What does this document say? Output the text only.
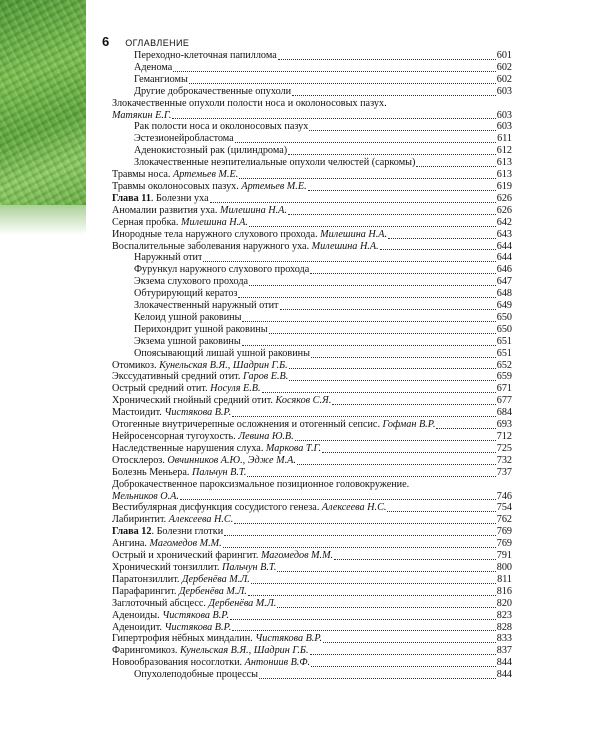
6 ОГЛАВЛЕНИЕ
Переходно-клеточная папиллома	601
Аденома	602
Гемангиомы	602
Другие доброкачественные опухоли	603
Злокачественные опухоли полости носа и околоносовых пазух.
Матякин Е.Г.	603
Рак полости носа и околоносовых пазух	603
Эстезионейробластома	611
Аденокистозный рак (цилиндрома)	612
Злокачественные неэпителиальные опухоли челюстей (саркомы)	613
Травмы носа. Артемьев М.Е.	613
Травмы околоносовых пазух. Артемьев М.Е.	619
Глава 11. Болезни уха	626
Аномалии развития уха. Милешина Н.А.	626
Серная пробка. Милешина Н.А.	642
Инородные тела наружного слухового прохода. Милешина Н.А.	643
Воспалительные заболевания наружного уха. Милешина Н.А.	644
Наружный отит	644
Фурункул наружного слухового прохода	646
Экзема слухового прохода	647
Обтурирующий кератоз	648
Злокачественный наружный отит	649
Келоид ушной раковины	650
Перихондрит ушной раковины	650
Экзема ушной раковины	651
Опоясывающий лишай ушной раковины	651
Отомикоз. Кунельская В.Я., Шадрин Г.Б.	652
Экссудативный средний отит. Гаров Е.В.	659
Острый средний отит. Носуля Е.В.	671
Хронический гнойный средний отит. Косяков С.Я.	677
Мастоидит. Чистякова В.Р.	684
Отогенные внутричерепные осложнения и отогенный сепсис. Гофман В.Р.	693
Нейросенсорная тугоухость. Левина Ю.В.	712
Наследственные нарушения слуха. Маркова Т.Г.	725
Отосклероз. Овчинников А.Ю., Эдже М.А.	732
Болезнь Меньера. Пальчун В.Т.	737
Доброкачественное пароксизмальное позиционное головокружение.
Мельников О.А.	746
Вестибулярная дисфункция сосудистого генеза. Алексеева Н.С.	754
Лабиринтит. Алексеева Н.С.	762
Глава 12. Болезни глотки	769
Ангина. Магомедов М.М.	769
Острый и хронический фарингит. Магомедов М.М.	791
Хронический тонзиллит. Пальчун В.Т.	800
Паратонзиллит. Дербенёва М.Л.	811
Парафарингит. Дербенёва М.Л.	816
Заглоточный абсцесс. Дербенёва М.Л.	820
Аденоиды. Чистякова В.Р.	823
Аденоидит. Чистякова В.Р.	828
Гипертрофия нёбных миндалин. Чистякова В.Р.	833
Фарингомикоз. Кунельская В.Я., Шадрин Г.Б.	837
Новообразования носоглотки. Антониив В.Ф.	844
Опухолеподобные процессы	844
